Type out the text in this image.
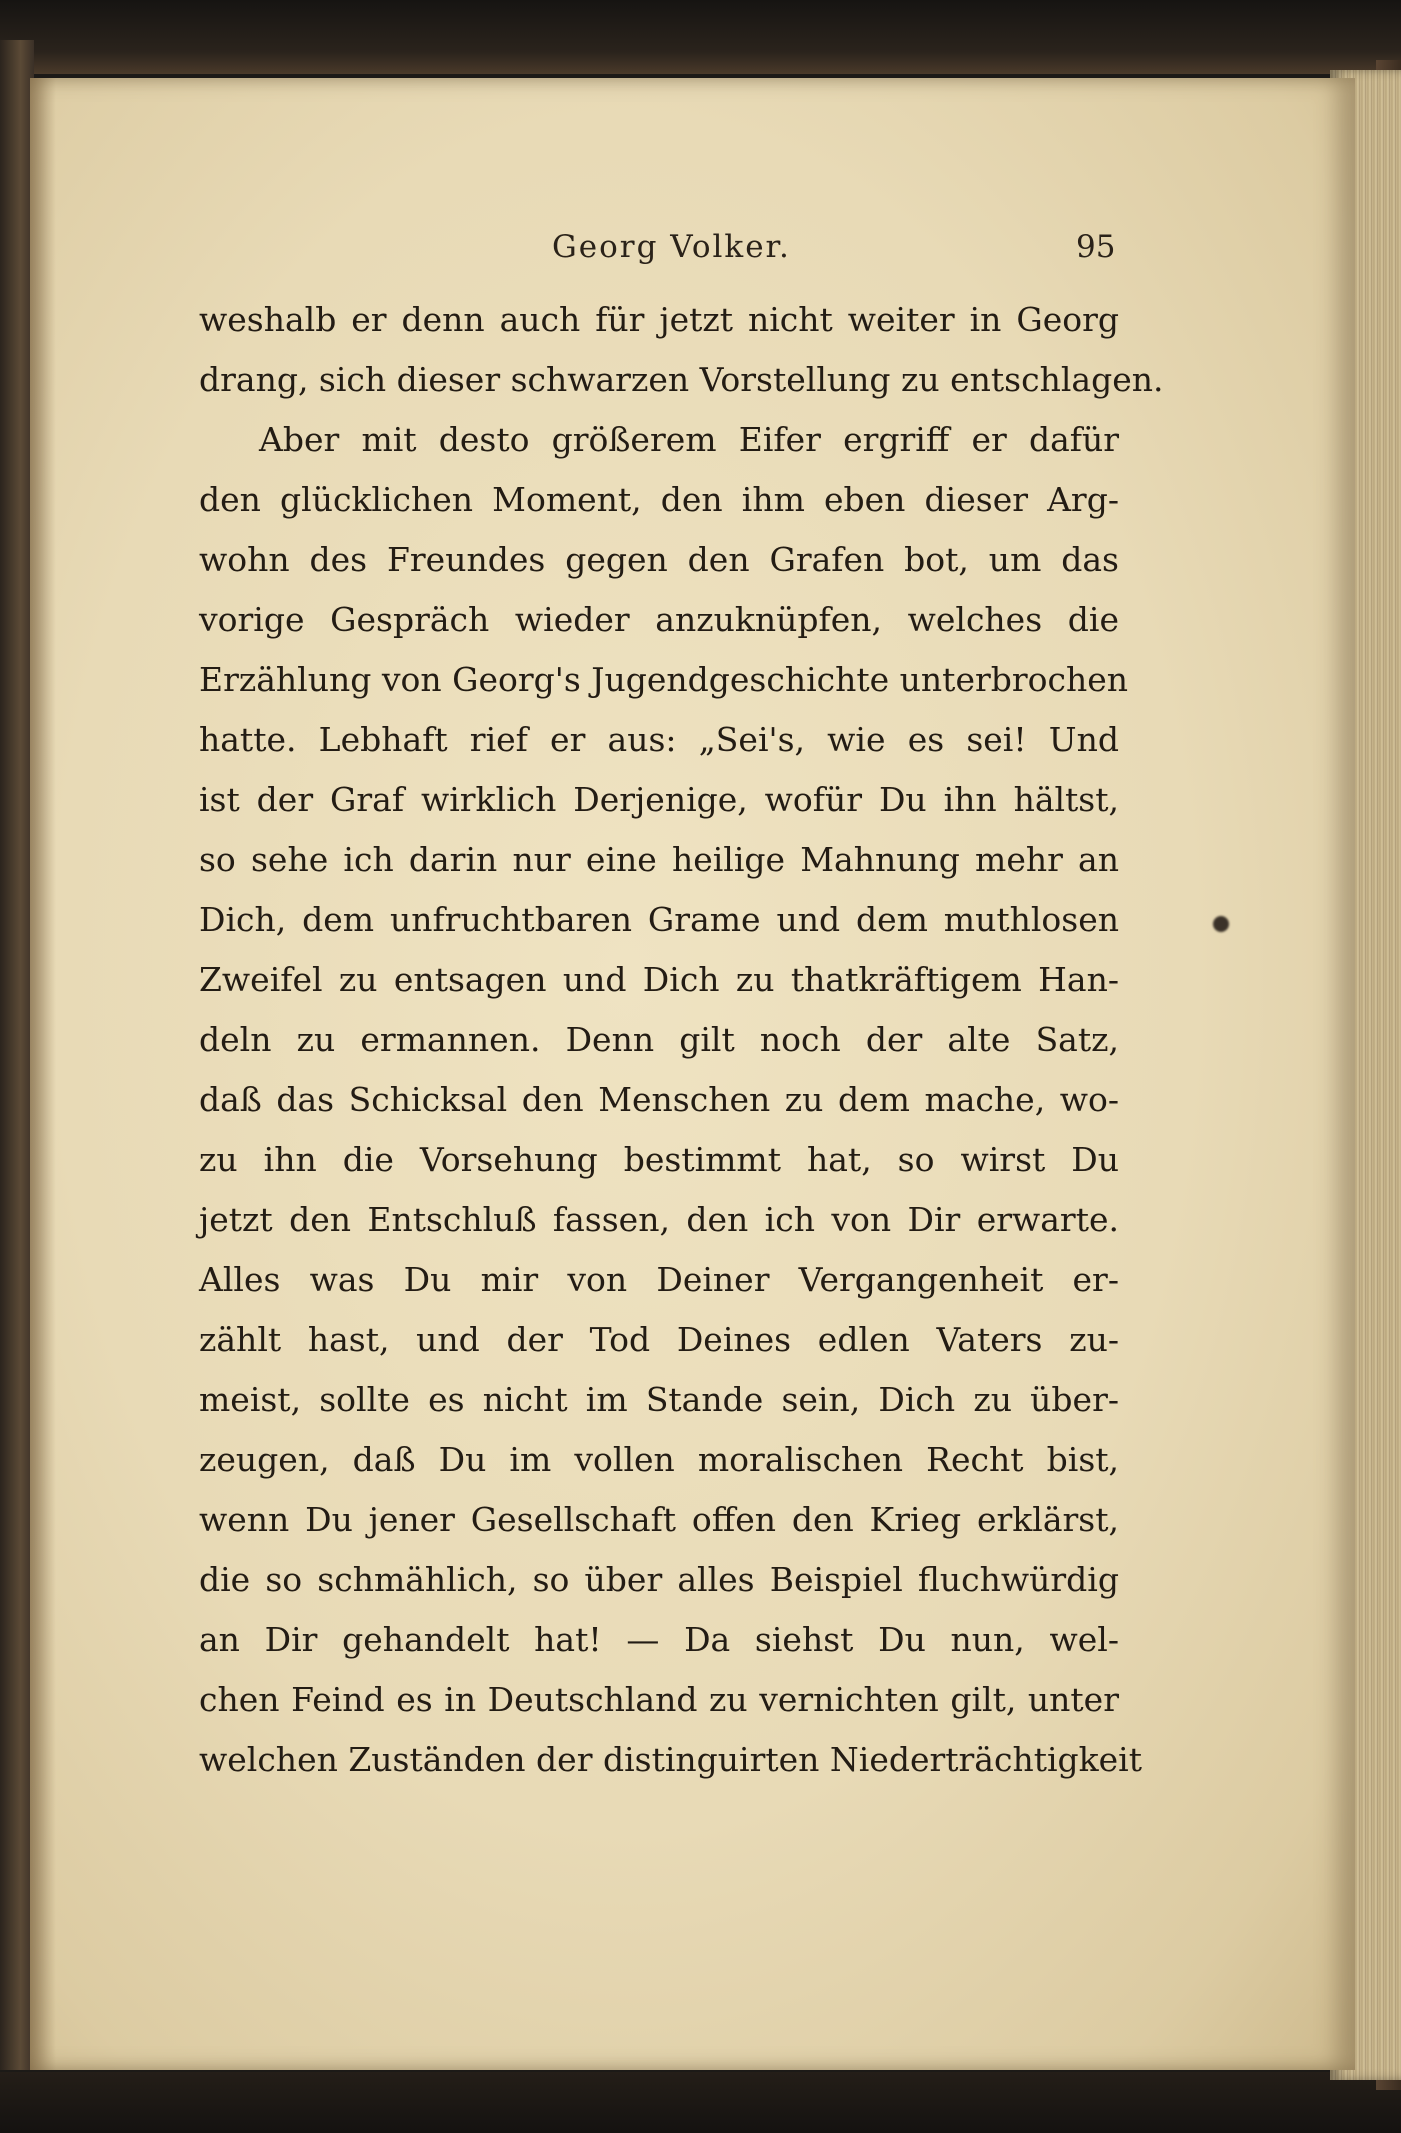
Georg Volker.	95
weshalb er denn auch für jetzt nicht weiter in Georg
drang, sich dieser schwarzen Vorstellung zu entschlagen.
Aber mit desto größerem Eifer ergriff er dafür
den glücklichen Moment, den ihm eben dieser Arg-
wohn des Freundes gegen den Grafen bot, um das
vorige Gespräch wieder anzuknüpfen, welches die
Erzählung von Georg's Jugendgeschichte unterbrochen
hatte. Lebhaft rief er aus: „Sei's, wie es sei! Und
ist der Graf wirklich Derjenige, wofür Du ihn hältst,
so sehe ich darin nur eine heilige Mahnung mehr an
Dich, dem unfruchtbaren Grame und dem muthlosen
Zweifel zu entsagen und Dich zu thatkräftigem Han-
deln zu ermannen. Denn gilt noch der alte Satz,
daß das Schicksal den Menschen zu dem mache, wo-
zu ihn die Vorsehung bestimmt hat, so wirst Du
jetzt den Entschluß fassen, den ich von Dir erwarte.
Alles was Du mir von Deiner Vergangenheit er-
zählt hast, und der Tod Deines edlen Vaters zu-
meist, sollte es nicht im Stande sein, Dich zu über-
zeugen, daß Du im vollen moralischen Recht bist,
wenn Du jener Gesellschaft offen den Krieg erklärst,
die so schmählich, so über alles Beispiel fluchwürdig
an Dir gehandelt hat! — Da siehst Du nun, wel-
chen Feind es in Deutschland zu vernichten gilt, unter
welchen Zuständen der distinguirten Niederträchtigkeit
